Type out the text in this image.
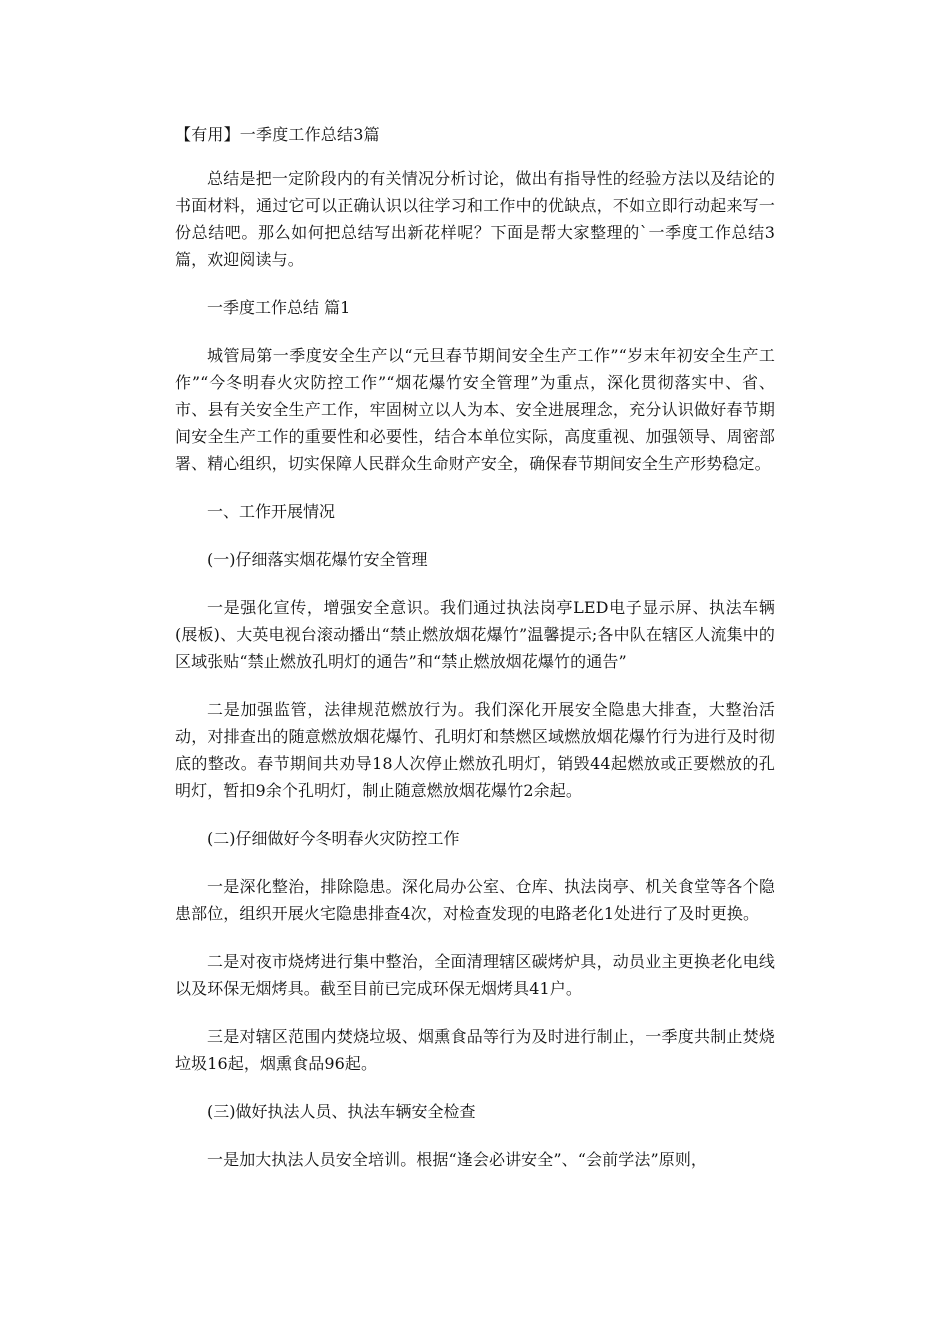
【有用】一季度工作总结3篇

总结是把一定阶段内的有关情况分析讨论，做出有指导性的经验方法以及结论的书面材料，通过它可以正确认识以往学习和工作中的优缺点，不如立即行动起来写一份总结吧。那么如何把总结写出新花样呢？下面是帮大家整理的`一季度工作总结3篇，欢迎阅读与。

一季度工作总结 篇1

城管局第一季度安全生产以“元旦春节期间安全生产工作”“岁末年初安全生产工作”“今冬明春火灾防控工作”“烟花爆竹安全管理”为重点，深化贯彻落实中、省、市、县有关安全生产工作，牢固树立以人为本、安全进展理念，充分认识做好春节期间安全生产工作的重要性和必要性，结合本单位实际，高度重视、加强领导、周密部署、精心组织，切实保障人民群众生命财产安全，确保春节期间安全生产形势稳定。

一、工作开展情况

(一)仔细落实烟花爆竹安全管理

一是强化宣传，增强安全意识。我们通过执法岗亭LED电子显示屏、执法车辆(展板)、大英电视台滚动播出“禁止燃放烟花爆竹”温馨提示;各中队在辖区人流集中的区域张贴“禁止燃放孔明灯的通告”和“禁止燃放烟花爆竹的通告”

二是加强监管，法律规范燃放行为。我们深化开展安全隐患大排查，大整治活动，对排查出的随意燃放烟花爆竹、孔明灯和禁燃区域燃放烟花爆竹行为进行及时彻底的整改。春节期间共劝导18人次停止燃放孔明灯，销毁44起燃放或正要燃放的孔明灯，暂扣9余个孔明灯，制止随意燃放烟花爆竹2余起。

(二)仔细做好今冬明春火灾防控工作

一是深化整治，排除隐患。深化局办公室、仓库、执法岗亭、机关食堂等各个隐患部位，组织开展火宅隐患排查4次，对检查发现的电路老化1处进行了及时更换。

二是对夜市烧烤进行集中整治，全面清理辖区碳烤炉具，动员业主更换老化电线以及环保无烟烤具。截至目前已完成环保无烟烤具41户。

三是对辖区范围内焚烧垃圾、烟熏食品等行为及时进行制止，一季度共制止焚烧垃圾16起，烟熏食品96起。

(三)做好执法人员、执法车辆安全检查

一是加大执法人员安全培训。根据“逢会必讲安全”、“会前学法”原则，
